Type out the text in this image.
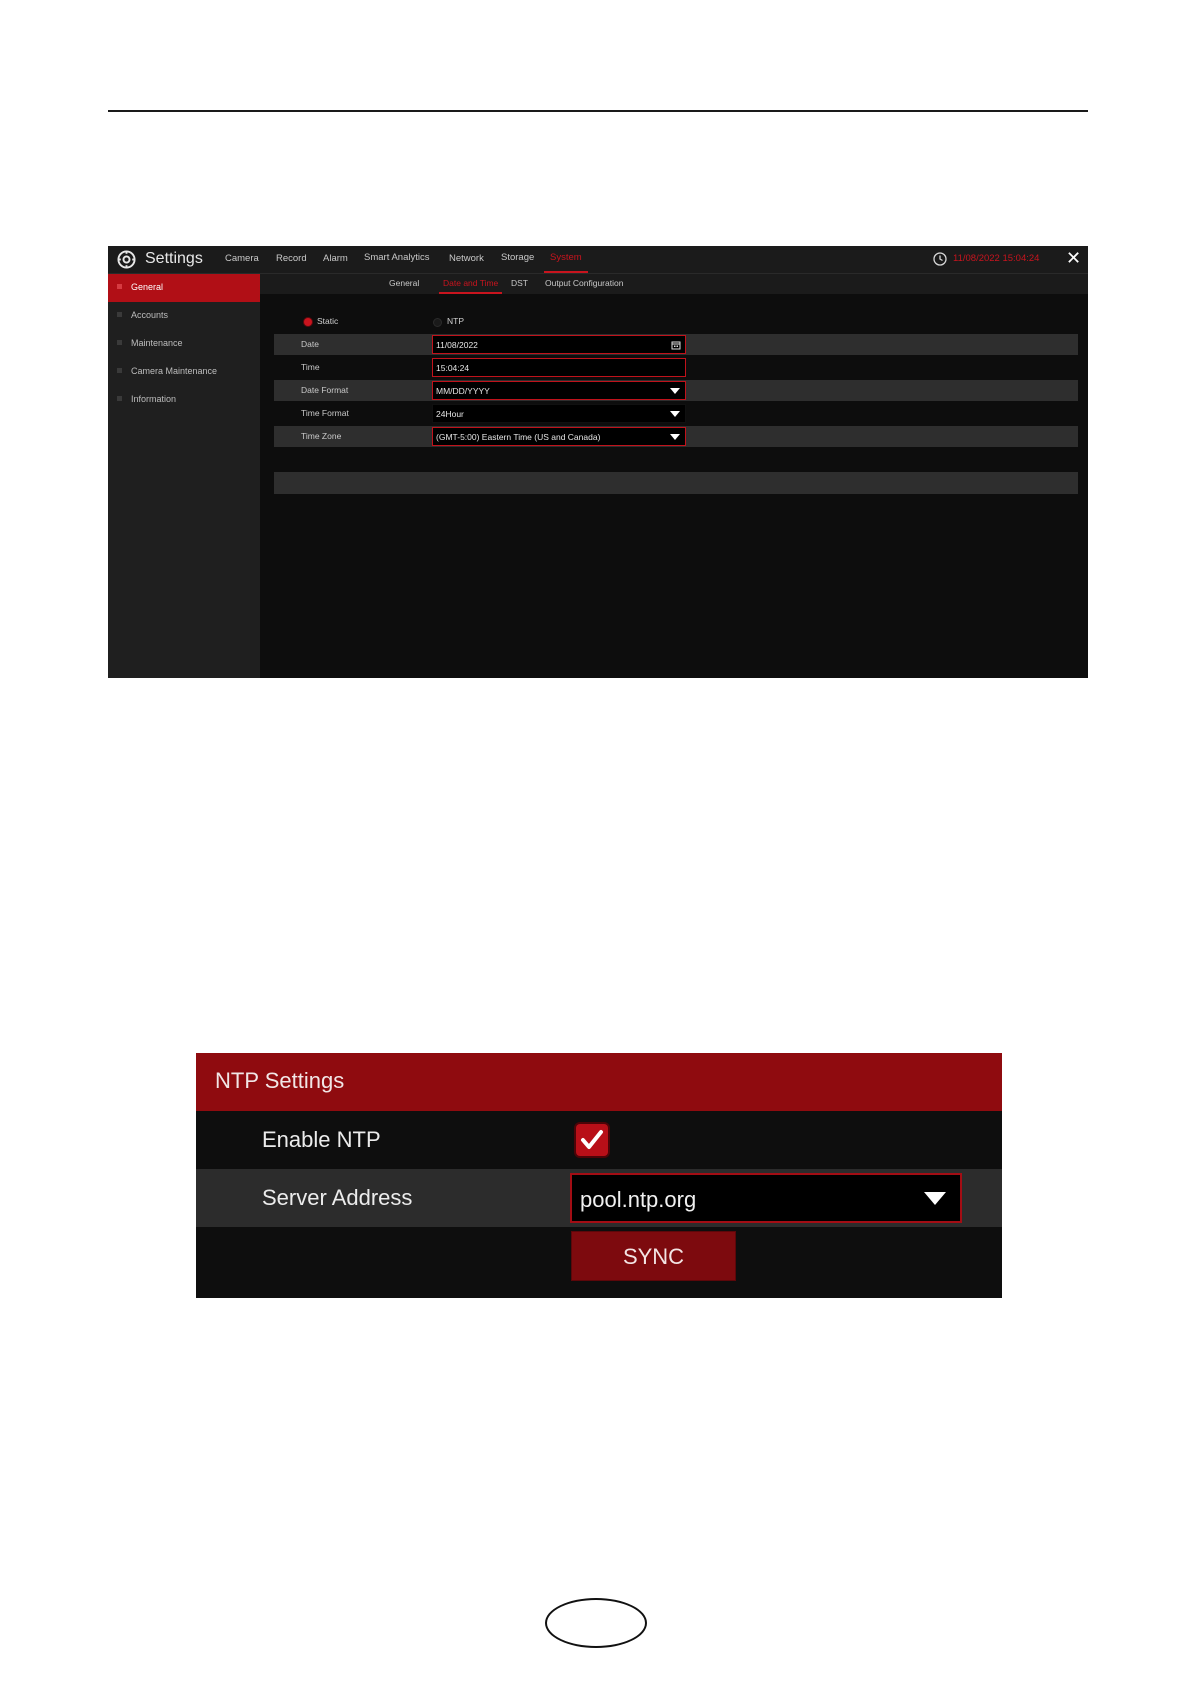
Settings Camera Record Alarm Smart Analytics Network Storage	System	11/08/2022 15:04:24 ✕
General
Accounts
Maintenance
Camera Maintenance
Information
General	Date and Time	DST Output Configuration
Static	NTP
Date	11/08/2022
Time	15:04:24
Date Format	MM/DD/YYYY
Time Format	24Hour
Time Zone	(GMT-5:00) Eastern Time (US and Canada)
NTP Settings
Enable NTP
Server Address	pool.ntp.org
SYNC
